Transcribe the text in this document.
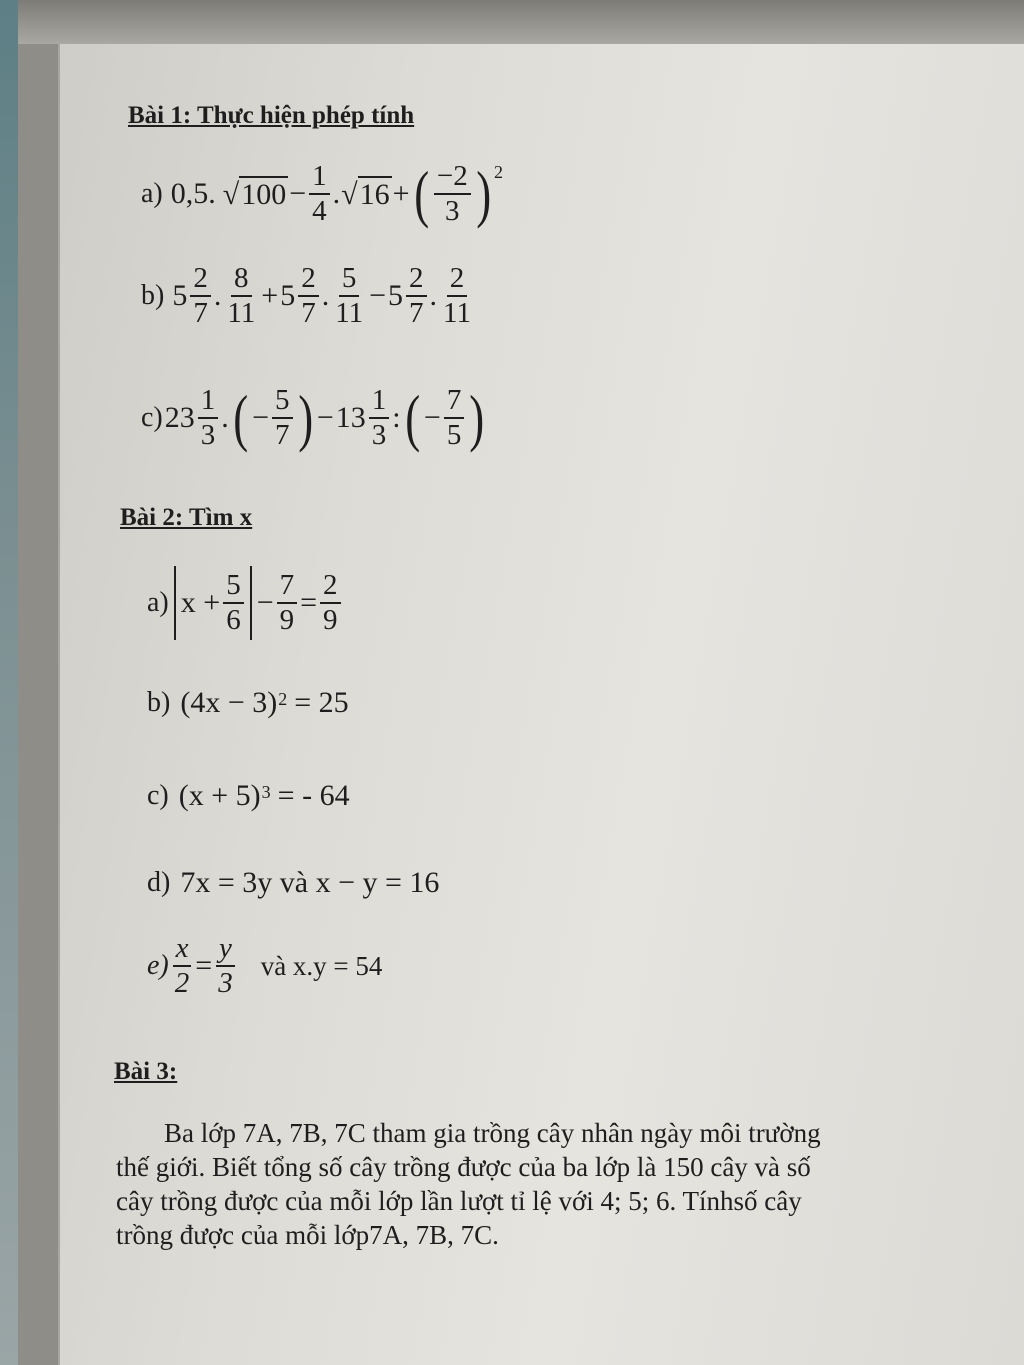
Bài 1: Thực hiện phép tính
a) 0,5. √ $100 - \frac{1}{4}$ . √ 16 + ( $\frac{-2}{3}$ ) 2
b) $5 \frac{2}{7}$ . $\frac{8}{11} + 5 \frac{2}{7}$ . $\frac{5}{11} - 5 \frac{2}{7}$ . $\frac{2}{11}$
c) $23 \frac{1}{3}$ . ( − $\frac{5}{7}$ ) − $13 \frac{1}{3}$ : ( − $\frac{7}{5}$ )
Bài 2: Tìm x
a) $x + \frac{5}{6} - \frac{7}{9} = \frac{2}{9}$
b) (4x − 3) 2 = 25
c) (x + 5) 3 = - 64
d) 7x = 3y và x − y = 16
$e) \frac{x}{2} = \frac{y}{3}$ và x.y = 54
Bài 3:
Ba lớp 7A, 7B, 7C tham gia trồng cây nhân ngày môi trường
thế giới. Biết tổng số cây trồng được của ba lớp là 150 cây và số
cây trồng được của mỗi lớp lần lượt tỉ lệ với 4; 5; 6. Tínhsố cây
trồng được của mỗi lớp7A, 7B, 7C.
